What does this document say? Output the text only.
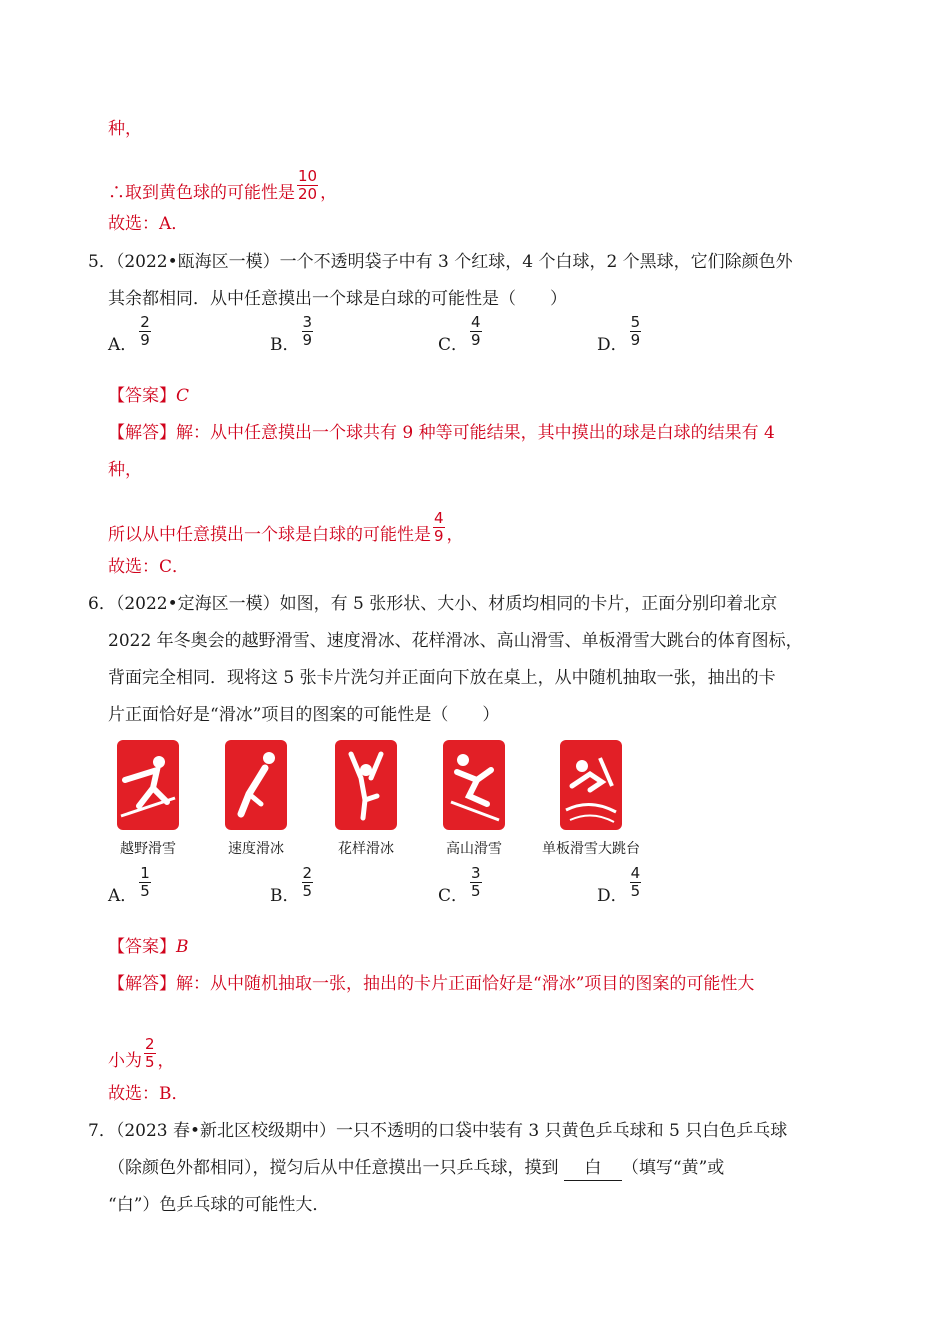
种，
∴取到黄色球的可能性是 $\frac{10}{20}$ ，
故选：A．
5．（2022•瓯海区一模）一个不透明袋子中有 3 个红球，4 个白球，2 个黑球，它们除颜色外
其余都相同．从中任意摸出一个球是白球的可能性是（　　）
A． $\frac{2}{9}$	B． $\frac{3}{9}$	C． $\frac{4}{9}$	D． $\frac{5}{9}$
【答案】C
【解答】解：从中任意摸出一个球共有 9 种等可能结果，其中摸出的球是白球的结果有 4
种，
所以从中任意摸出一个球是白球的可能性是 $\frac{4}{9}$ ，
故选：C．
6．（2022•定海区一模）如图，有 5 张形状、大小、材质均相同的卡片，正面分别印着北京
2022 年冬奥会的越野滑雪、速度滑冰、花样滑冰、高山滑雪、单板滑雪大跳台的体育图标，
背面完全相同．现将这 5 张卡片洗匀并正面向下放在桌上，从中随机抽取一张，抽出的卡
片正面恰好是“滑冰”项目的图案的可能性是（　　）
越野滑雪	速度滑冰	花样滑冰	高山滑雪	单板滑雪大跳台
A． $\frac{1}{5}$	B． $\frac{2}{5}$	C． $\frac{3}{5}$	D． $\frac{4}{5}$
【答案】B
【解答】解：从中随机抽取一张，抽出的卡片正面恰好是“滑冰”项目的图案的可能性大
小为 $\frac{2}{5}$ ，
故选：B．
7．（2023 春•新北区校级期中）一只不透明的口袋中装有 3 只黄色乒乓球和 5 只白色乒乓球
（除颜色外都相同），搅匀后从中任意摸出一只乒乓球，摸到 白 （填写“黄”或
“白”）色乒乓球的可能性大．
